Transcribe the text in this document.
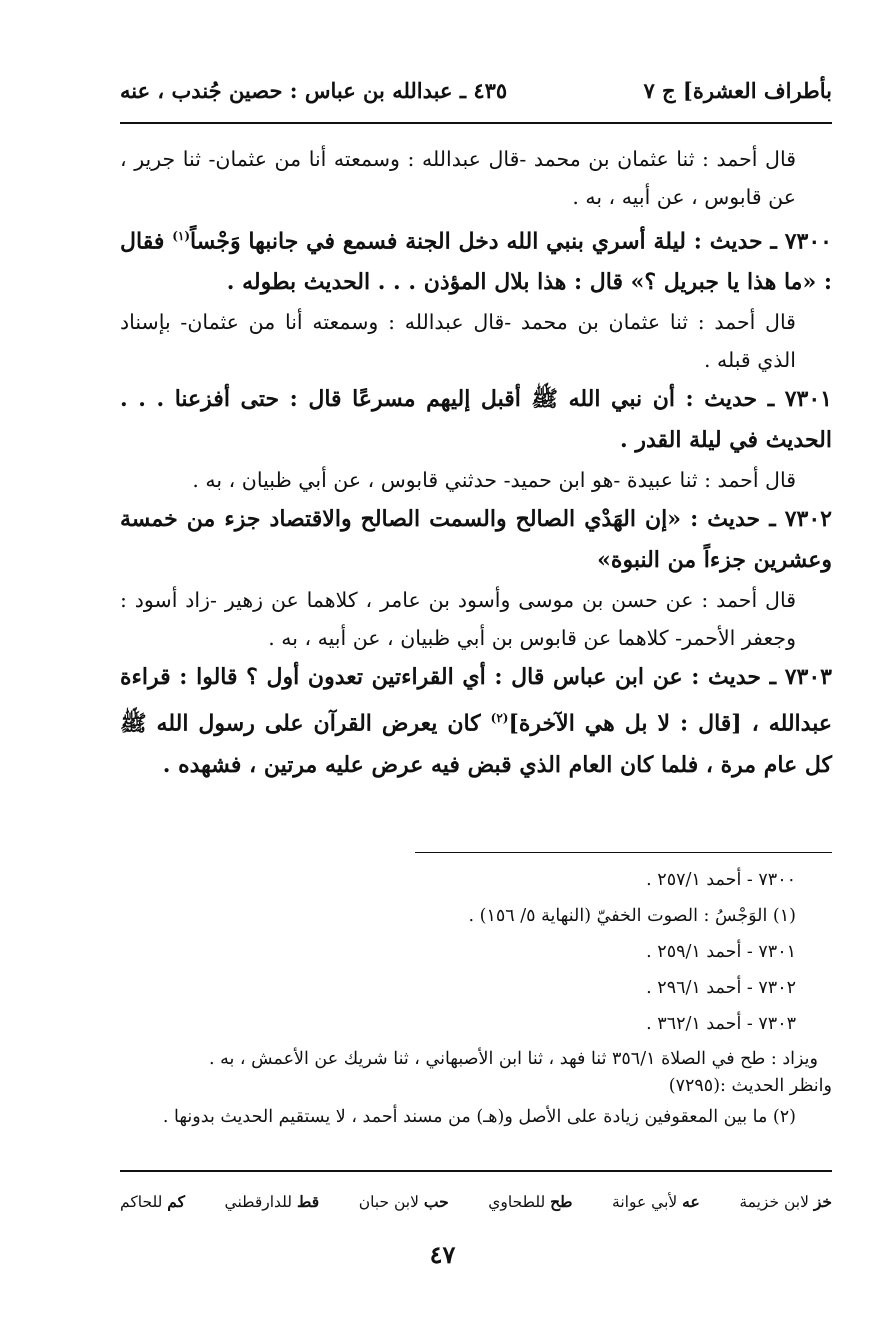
بأطراف العشرة] ج ٧
٤٣٥ ـ عبدالله بن عباس : حصين جُندب ، عنه

قال أحمد : ثنا عثمان بن محمد -قال عبدالله : وسمعته أنا من عثمان- ثنا جرير ، عن قابوس ، عن أبيه ، به .

٧٣٠٠ ـ حديث : ليلة أسري بنبي الله دخل الجنة فسمع في جانبها وَجْساً$^{(١)}$ فقال : «ما هذا يا جبريل ؟» قال : هذا بلال المؤذن . . . الحديث بطوله .

قال أحمد : ثنا عثمان بن محمد -قال عبدالله : وسمعته أنا من عثمان- بإسناد الذي قبله .

٧٣٠١ ـ حديث : أن نبي الله ﷺ أقبل إليهم مسرعًا قال : حتى أفزعنا . . . الحديث في ليلة القدر .

قال أحمد : ثنا عبيدة -هو ابن حميد- حدثني قابوس ، عن أبي ظبيان ، به .

٧٣٠٢ ـ حديث : «إن الهَدْي الصالح والسمت الصالح والاقتصاد جزء من خمسة وعشرين جزءاً من النبوة»

قال أحمد : عن حسن بن موسى وأسود بن عامر ، كلاهما عن زهير -زاد أسود : وجعفر الأحمر- كلاهما عن قابوس بن أبي ظبيان ، عن أبيه ، به .

٧٣٠٣ ـ حديث : عن ابن عباس قال : أي القراءتين تعدون أول ؟ قالوا : قراءة عبدالله ، [قال : لا بل هي الآخرة]$^{(٢)}$ كان يعرض القرآن على رسول الله ﷺ كل عام مرة ، فلما كان العام الذي قبض فيه عرض عليه مرتين ، فشهده .

٧٣٠٠ - أحمد ٢٥٧/١ .

(١) الوَجْسُ : الصوت الخفيّ (النهاية ٥/ ١٥٦) .

٧٣٠١ - أحمد ٢٥٩/١ .

٧٣٠٢ - أحمد ٢٩٦/١ .

٧٣٠٣ - أحمد ٣٦٢/١ .

ويزاد : طح في الصلاة ٣٥٦/١ ثنا فهد ، ثنا ابن الأصبهاني ، ثنا شريك عن الأعمش ، به .

وانظر الحديث :(٧٢٩٥)

(٢) ما بين المعقوفين زيادة على الأصل و(هـ) من مسند أحمد ، لا يستقيم الحديث بدونها .

خز لابن خزيمة
عه لأبي عوانة
طح للطحاوي
حب لابن حبان
قط للدارقطني
كم للحاكم
٤٧
